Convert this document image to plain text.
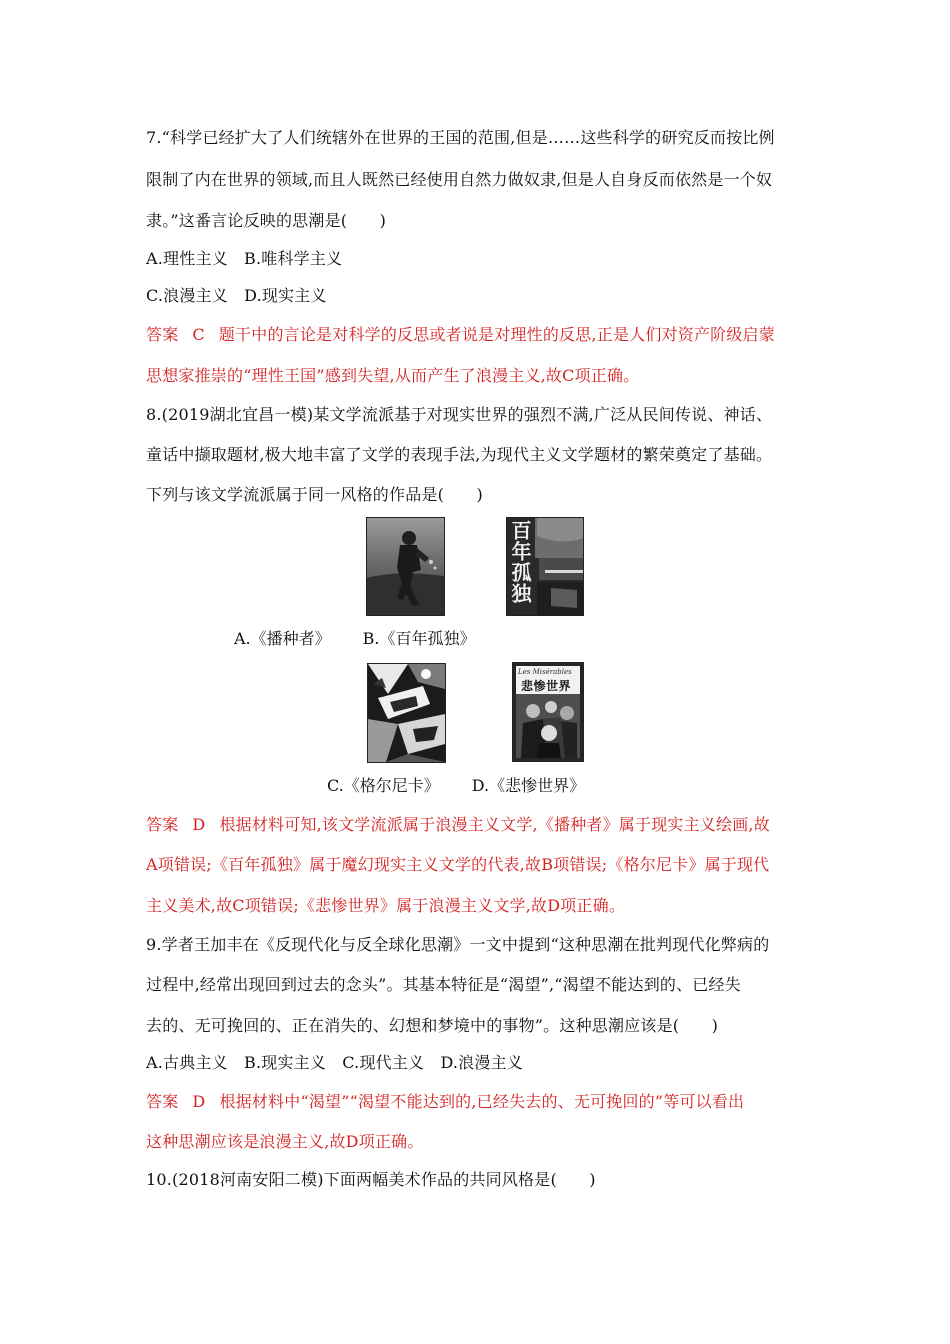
7.“科学已经扩大了人们统辖外在世界的王国的范围,但是……这些科学的研究反而按比例
限制了内在世界的领域,而且人既然已经使用自然力做奴隶,但是人自身反而依然是一个奴
隶。”这番言论反映的思潮是(　　)
A.理性主义　B.唯科学主义
C.浪漫主义　D.现实主义
答案 C 题干中的言论是对科学的反思或者说是对理性的反思,正是人们对资产阶级启蒙
思想家推崇的“理性王国”感到失望,从而产生了浪漫主义,故C项正确。
8.(2019湖北宜昌一模)某文学流派基于对现实世界的强烈不满,广泛从民间传说、神话、
童话中撷取题材,极大地丰富了文学的表现手法,为现代主义文学题材的繁荣奠定了基础。
下列与该文学流派属于同一风格的作品是(　　)
百年孤独
A.《播种者》 B.《百年孤独》
Les Misérables
悲惨世界
C.《格尔尼卡》 D.《悲惨世界》
答案 D 根据材料可知,该文学流派属于浪漫主义文学,《播种者》属于现实主义绘画,故
A项错误;《百年孤独》属于魔幻现实主义文学的代表,故B项错误;《格尔尼卡》属于现代
主义美术,故C项错误;《悲惨世界》属于浪漫主义文学,故D项正确。
9.学者王加丰在《反现代化与反全球化思潮》一文中提到“这种思潮在批判现代化弊病的
过程中,经常出现回到过去的念头”。其基本特征是“渴望”,“渴望不能达到的、已经失
去的、无可挽回的、正在消失的、幻想和梦境中的事物”。这种思潮应该是(　　)
A.古典主义　B.现实主义　C.现代主义　D.浪漫主义
答案 D 根据材料中“渴望”“渴望不能达到的,已经失去的、无可挽回的”等可以看出
这种思潮应该是浪漫主义,故D项正确。
10.(2018河南安阳二模)下面两幅美术作品的共同风格是(　　)
